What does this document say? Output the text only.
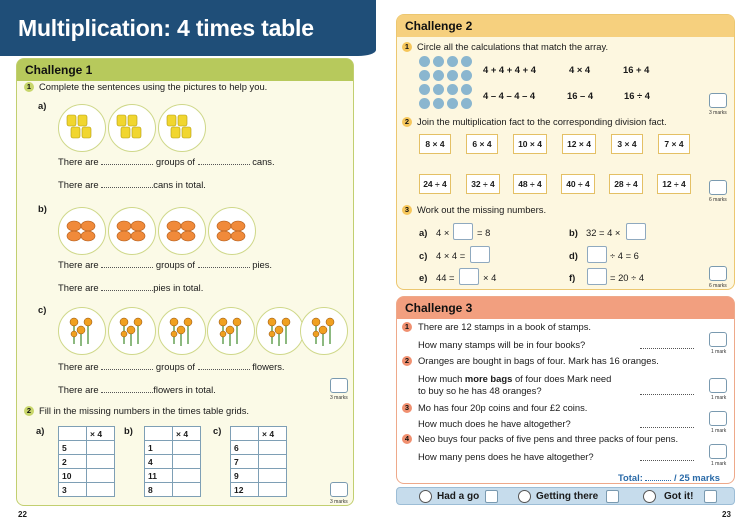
Multiplication: 4 times table
Challenge 1
1 Complete the sentences using the pictures to help you.
a)
There are	groups of	cans.
There are	cans in total.
b)
There are	groups of	pies.
There are	pies in total.
c)
There are	groups of	flowers.
There are	flowers in total.
3 marks
2 Fill in the missing numbers in the times table grids.
a)
		× 4
5	
2	
10	
3	
b)
		× 4
1	
4	
11	
8	
c)
		× 4
6	
7	
9	
12	
3 marks
Challenge 2
1 Circle all the calculations that match the array.
4 + 4 + 4 + 4	4 × 4	16 + 4
4 – 4 – 4 – 4	16 – 4	16 ÷ 4
3 marks
2 Join the multiplication fact to the corresponding division fact.
8 × 4	6 × 4	10 × 4	12 × 4	3 × 4	7 × 4
24 ÷ 4	32 ÷ 4	48 ÷ 4	40 ÷ 4	28 ÷ 4	12 ÷ 4
6 marks
3 Work out the missing numbers.
a) 4 ×	= 8	b) 32 = 4 ×
c) 4 × 4 =	d)	÷ 4 = 6
e) 44 =	× 4	f)	= 20 ÷ 4
6 marks
Challenge 3
1 There are 12 stamps in a book of stamps.
How many stamps will be in four books?
1 mark
2 Oranges are bought in bags of four. Mark has 16 oranges.
How much more bags of four does Mark need
to buy so he has 48 oranges?
1 mark
3 Mo has four 20p coins and four £2 coins.
How much does he have altogether?
1 mark
4 Neo buys four packs of five pens and three packs of four pens.
How many pens does he have altogether?
1 mark
Total:	/ 25 marks
Had a go	Getting there	Got it!
22	23
